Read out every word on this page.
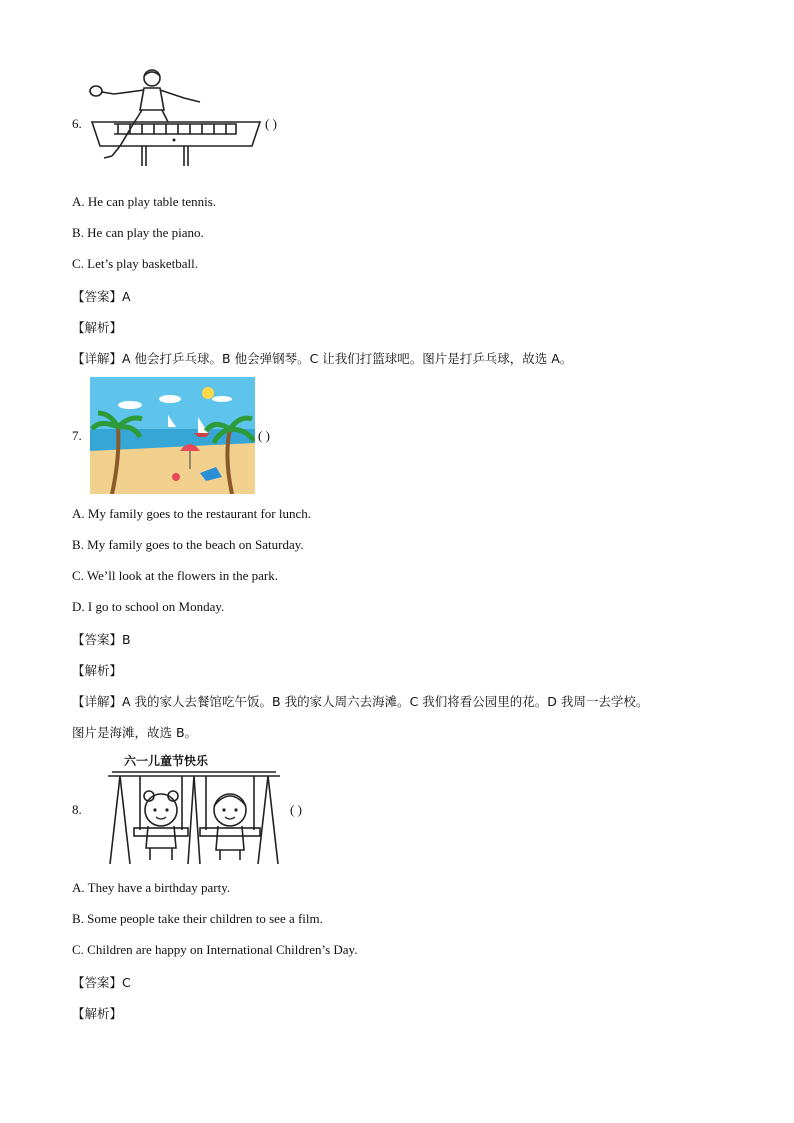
6.	( )
A. He can play table tennis.
B. He can play the piano.
C. Let’s play basketball.
【答案】A
【解析】
【详解】A 他会打乒乓球。B 他会弹钢琴。C 让我们打篮球吧。图片是打乒乓球，故选 A。
7.	( )
A. My family goes to the restaurant for lunch.
B. My family goes to the beach on Saturday.
C. We’ll look at the flowers in the park.
D. I go to school on Monday.
【答案】B
【解析】
【详解】A 我的家人去餐馆吃午饭。B 我的家人周六去海滩。C 我们将看公园里的花。D 我周一去学校。
图片是海滩，故选 B。
六一儿童节快乐
8.	( )
A. They have a birthday party.
B. Some people take their children to see a film.
C. Children are happy on International Children’s Day.
【答案】C
【解析】
